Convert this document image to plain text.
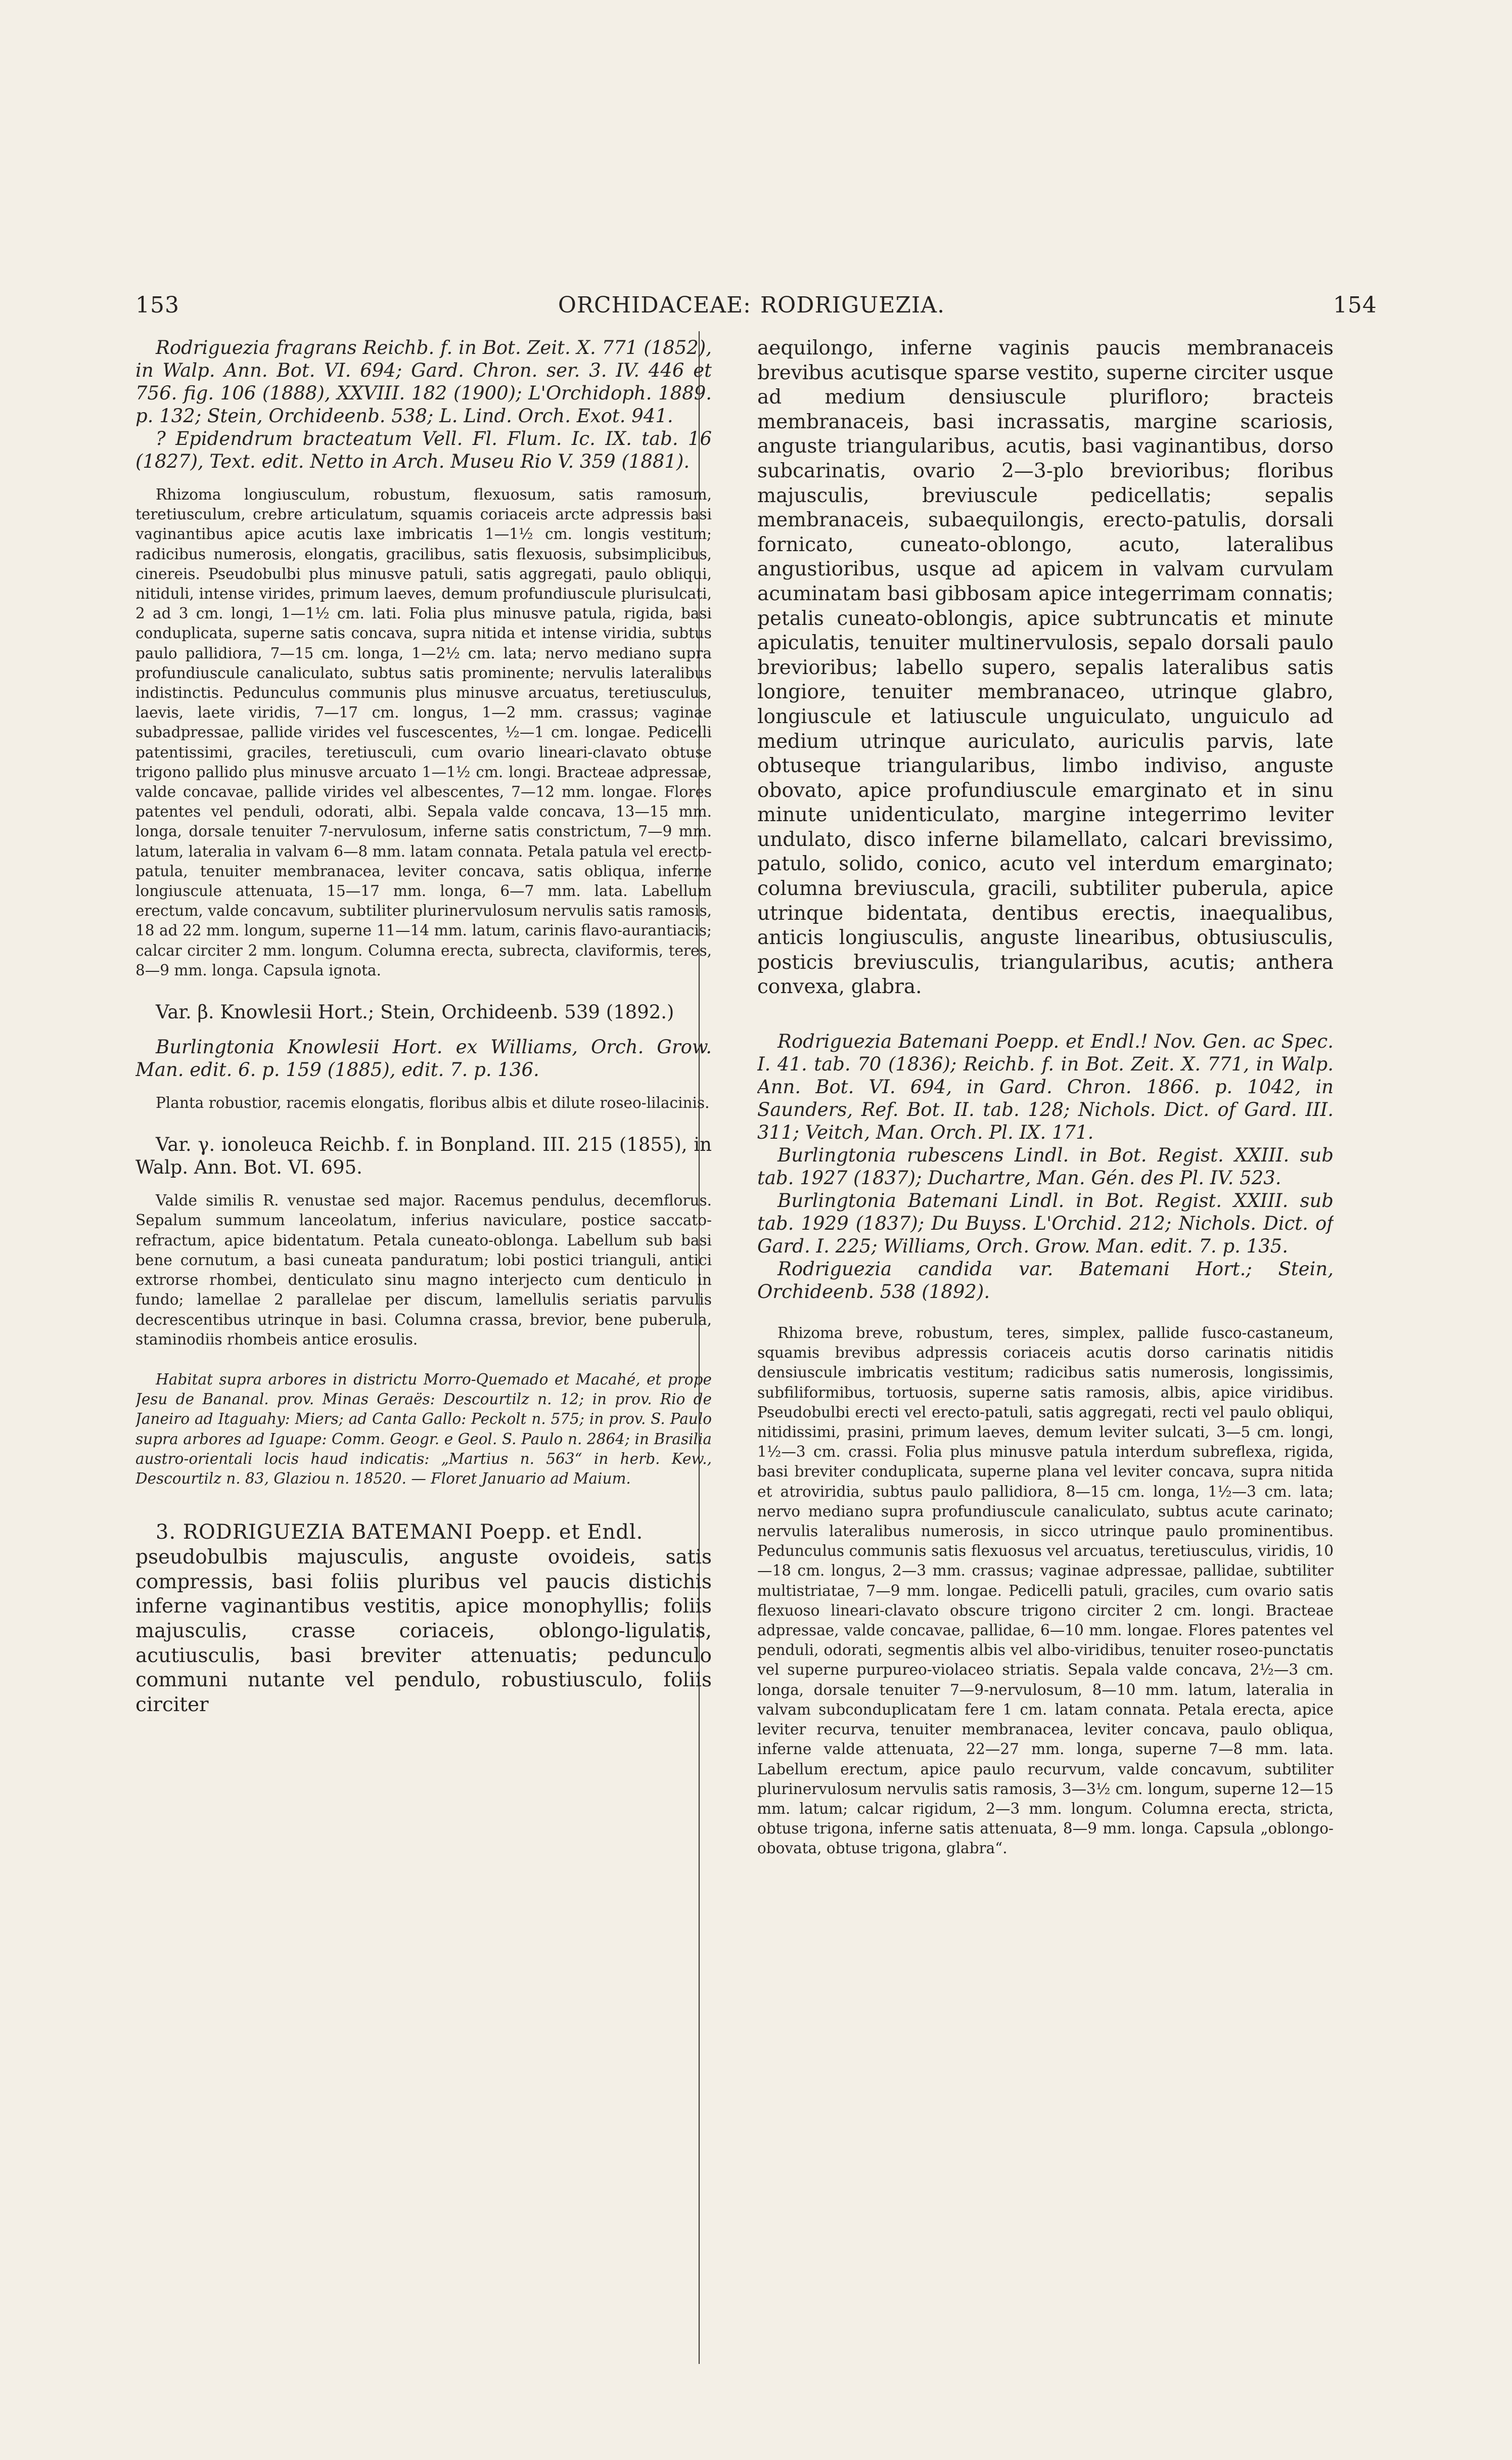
153	ORCHIDACEAE: RODRIGUEZIA.	154

Rodriguezia fragrans Reichb. f. in Bot. Zeit. X. 771 (1852), in Walp. Ann. Bot. VI. 694; Gard. Chron. ser. 3. IV. 446 et 756. fig. 106 (1888), XXVIII. 182 (1900); L'Orchidoph. 1889. p. 132; Stein, Orchideenb. 538; L. Lind. Orch. Exot. 941.

? Epidendrum bracteatum Vell. Fl. Flum. Ic. IX. tab. 16 (1827), Text. edit. Netto in Arch. Museu Rio V. 359 (1881).

Rhizoma longiusculum, robustum, flexuosum, satis ramosum, teretiusculum, crebre articulatum, squamis coriaceis arcte adpressis basi vaginantibus apice acutis laxe imbricatis 1—1½ cm. longis vestitum; radicibus numerosis, elongatis, gracilibus, satis flexuosis, subsimplicibus, cinereis. Pseudobulbi plus minusve patuli, satis aggregati, paulo obliqui, nitiduli, intense virides, primum laeves, demum profundiuscule plurisulcati, 2 ad 3 cm. longi, 1—1½ cm. lati. Folia plus minusve patula, rigida, basi conduplicata, superne satis concava, supra nitida et intense viridia, subtus paulo pallidiora, 7—15 cm. longa, 1—2½ cm. lata; nervo mediano supra profundiuscule canaliculato, subtus satis prominente; nervulis lateralibus indistinctis. Pedunculus communis plus minusve arcuatus, teretiusculus, laevis, laete viridis, 7—17 cm. longus, 1—2 mm. crassus; vaginae subadpressae, pallide virides vel fuscescentes, ½—1 cm. longae. Pedicelli patentissimi, graciles, teretiusculi, cum ovario lineari-clavato obtuse trigono pallido plus minusve arcuato 1—1½ cm. longi. Bracteae adpressae, valde concavae, pallide virides vel albescentes, 7—12 mm. longae. Flores patentes vel penduli, odorati, albi. Sepala valde concava, 13—15 mm. longa, dorsale tenuiter 7-nervulosum, inferne satis constrictum, 7—9 mm. latum, lateralia in valvam 6—8 mm. latam connata. Petala patula vel erecto-patula, tenuiter membranacea, leviter concava, satis obliqua, inferne longiuscule attenuata, 15—17 mm. longa, 6—7 mm. lata. Labellum erectum, valde concavum, subtiliter plurinervulosum nervulis satis ramosis, 18 ad 22 mm. longum, superne 11—14 mm. latum, carinis flavo-aurantiacis; calcar circiter 2 mm. longum. Columna erecta, subrecta, claviformis, teres, 8—9 mm. longa. Capsula ignota.

Var. β. Knowlesii Hort.; Stein, Orchideenb. 539 (1892.)

Burlingtonia Knowlesii Hort. ex Williams, Orch. Grow. Man. edit. 6. p. 159 (1885), edit. 7. p. 136.

Planta robustior, racemis elongatis, floribus albis et dilute roseo-lilacinis.

Var. γ. ionoleuca Reichb. f. in Bonpland. III. 215 (1855), in Walp. Ann. Bot. VI. 695.

Valde similis R. venustae sed major. Racemus pendulus, decemflorus. Sepalum summum lanceolatum, inferius naviculare, postice saccato-refractum, apice bidentatum. Petala cuneato-oblonga. Labellum sub basi bene cornutum, a basi cuneata panduratum; lobi postici trianguli, antici extrorse rhombei, denticulato sinu magno interjecto cum denticulo in fundo; lamellae 2 parallelae per discum, lamellulis seriatis parvulis decrescentibus utrinque in basi. Columna crassa, brevior, bene puberula, staminodiis rhombeis antice erosulis.

Habitat supra arbores in districtu Morro-Quemado et Macahé, et prope Jesu de Bananal. prov. Minas Geraës: Descourtilz n. 12; in prov. Rio de Janeiro ad Itaguahy: Miers; ad Canta Gallo: Peckolt n. 575; in prov. S. Paulo supra arbores ad Iguape: Comm. Geogr. e Geol. S. Paulo n. 2864; in Brasilia austro-orientali locis haud indicatis: „Martius n. 563“ in herb. Kew., Descourtilz n. 83, Glaziou n. 18520. — Floret Januario ad Maium.

3. RODRIGUEZIA BATEMANI Poepp. et Endl.

pseudobulbis majusculis, anguste ovoideis, satis compressis, basi foliis pluribus vel paucis distichis inferne vaginantibus vestitis, apice monophyllis; foliis majusculis, crasse coriaceis, oblongo-ligulatis, acutiusculis, basi breviter attenuatis; pedunculo communi nutante vel pendulo, robustiusculo, foliis circiter

aequilongo, inferne vaginis paucis membranaceis brevibus acutisque sparse vestito, superne circiter usque ad medium densiuscule plurifloro; bracteis membranaceis, basi incrassatis, margine scariosis, anguste triangularibus, acutis, basi vaginantibus, dorso subcarinatis, ovario 2—3-plo brevioribus; floribus majusculis, breviuscule pedicellatis; sepalis membranaceis, subaequilongis, erecto-patulis, dorsali fornicato, cuneato-oblongo, acuto, lateralibus angustioribus, usque ad apicem in valvam curvulam acuminatam basi gibbosam apice integerrimam connatis; petalis cuneato-oblongis, apice subtruncatis et minute apiculatis, tenuiter multinervulosis, sepalo dorsali paulo brevioribus; labello supero, sepalis lateralibus satis longiore, tenuiter membranaceo, utrinque glabro, longiuscule et latiuscule unguiculato, unguiculo ad medium utrinque auriculato, auriculis parvis, late obtuseque triangularibus, limbo indiviso, anguste obovato, apice profundiuscule emarginato et in sinu minute unidenticulato, margine integerrimo leviter undulato, disco inferne bilamellato, calcari brevissimo, patulo, solido, conico, acuto vel interdum emarginato; columna breviuscula, gracili, subtiliter puberula, apice utrinque bidentata, dentibus erectis, inaequalibus, anticis longiusculis, anguste linearibus, obtusiusculis, posticis breviusculis, triangularibus, acutis; anthera convexa, glabra.

Rodriguezia Batemani Poepp. et Endl.! Nov. Gen. ac Spec. I. 41. tab. 70 (1836); Reichb. f. in Bot. Zeit. X. 771, in Walp. Ann. Bot. VI. 694, in Gard. Chron. 1866. p. 1042, in Saunders, Ref. Bot. II. tab. 128; Nichols. Dict. of Gard. III. 311; Veitch, Man. Orch. Pl. IX. 171.

Burlingtonia rubescens Lindl. in Bot. Regist. XXIII. sub tab. 1927 (1837); Duchartre, Man. Gén. des Pl. IV. 523.

Burlingtonia Batemani Lindl. in Bot. Regist. XXIII. sub tab. 1929 (1837); Du Buyss. L'Orchid. 212; Nichols. Dict. of Gard. I. 225; Williams, Orch. Grow. Man. edit. 7. p. 135.

Rodriguezia candida var. Batemani Hort.; Stein, Orchideenb. 538 (1892).

Rhizoma breve, robustum, teres, simplex, pallide fusco-castaneum, squamis brevibus adpressis coriaceis acutis dorso carinatis nitidis densiuscule imbricatis vestitum; radicibus satis numerosis, longissimis, subfiliformibus, tortuosis, superne satis ramosis, albis, apice viridibus. Pseudobulbi erecti vel erecto-patuli, satis aggregati, recti vel paulo obliqui, nitidissimi, prasini, primum laeves, demum leviter sulcati, 3—5 cm. longi, 1½—3 cm. crassi. Folia plus minusve patula interdum subreflexa, rigida, basi breviter conduplicata, superne plana vel leviter concava, supra nitida et atroviridia, subtus paulo pallidiora, 8—15 cm. longa, 1½—3 cm. lata; nervo mediano supra profundiuscule canaliculato, subtus acute carinato; nervulis lateralibus numerosis, in sicco utrinque paulo prominentibus. Pedunculus communis satis flexuosus vel arcuatus, teretiusculus, viridis, 10—18 cm. longus, 2—3 mm. crassus; vaginae adpressae, pallidae, subtiliter multistriatae, 7—9 mm. longae. Pedicelli patuli, graciles, cum ovario satis flexuoso lineari-clavato obscure trigono circiter 2 cm. longi. Bracteae adpressae, valde concavae, pallidae, 6—10 mm. longae. Flores patentes vel penduli, odorati, segmentis albis vel albo-viridibus, tenuiter roseo-punctatis vel superne purpureo-violaceo striatis. Sepala valde concava, 2½—3 cm. longa, dorsale tenuiter 7—9-nervulosum, 8—10 mm. latum, lateralia in valvam subconduplicatam fere 1 cm. latam connata. Petala erecta, apice leviter recurva, tenuiter membranacea, leviter concava, paulo obliqua, inferne valde attenuata, 22—27 mm. longa, superne 7—8 mm. lata. Labellum erectum, apice paulo recurvum, valde concavum, subtiliter plurinervulosum nervulis satis ramosis, 3—3½ cm. longum, superne 12—15 mm. latum; calcar rigidum, 2—3 mm. longum. Columna erecta, stricta, obtuse trigona, inferne satis attenuata, 8—9 mm. longa. Capsula „oblongo-obovata, obtuse trigona, glabra“.
